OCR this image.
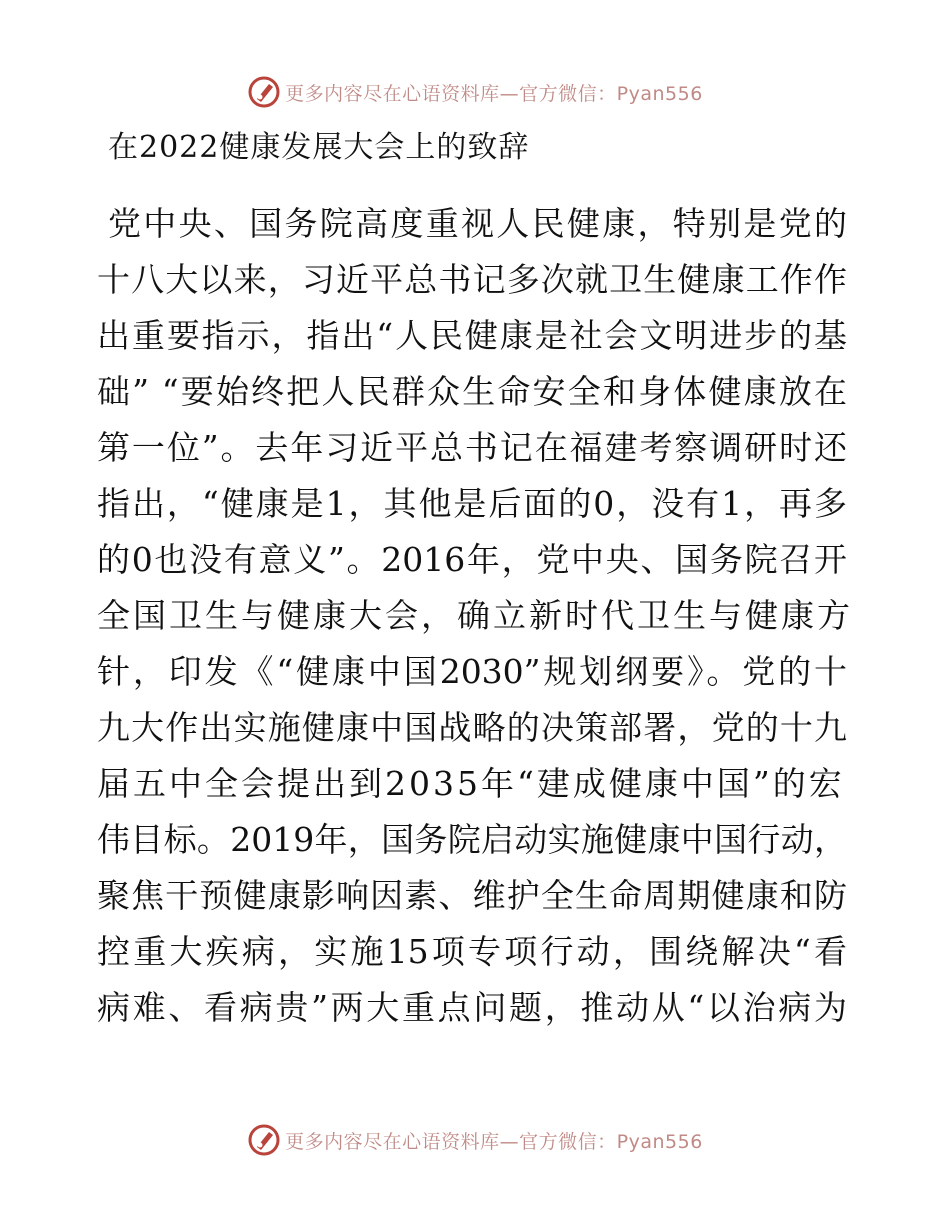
更多内容尽在心语资料库—官方微信：Pyan556
在2022健康发展大会上的致辞
党中央、国务院高度重视人民健康，特别是党的
十八大以来，习近平总书记多次就卫生健康工作作
出重要指示，指出“人民健康是社会文明进步的基
础” “要始终把人民群众生命安全和身体健康放在
第一位”。去年习近平总书记在福建考察调研时还
指出，“健康是1，其他是后面的0，没有1，再多
的0也没有意义”。2016年，党中央、国务院召开
全国卫生与健康大会，确立新时代卫生与健康方
针，印发《“健康中国2030”规划纲要》。党的十
九大作出实施健康中国战略的决策部署，党的十九
届五中全会提出到2035年“建成健康中国”的宏
伟目标。2019年，国务院启动实施健康中国行动，
聚焦干预健康影响因素、维护全生命周期健康和防
控重大疾病，实施15项专项行动，围绕解决“看
病难、看病贵”两大重点问题，推动从“以治病为
更多内容尽在心语资料库—官方微信：Pyan556
